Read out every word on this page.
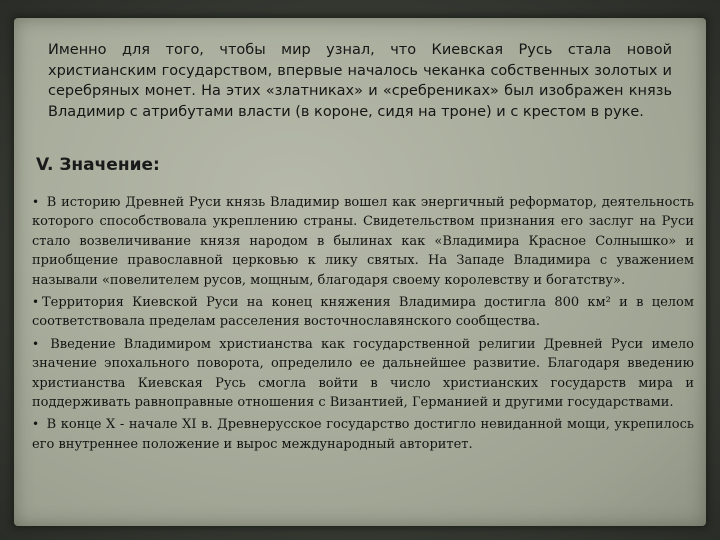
Именно для того, чтобы мир узнал, что Киевская Русь стала новой христианским государством, впервые началось чеканка собственных золотых и серебряных монет. На этих «златниках» и «сребрениках» был изображен князь Владимир с атрибутами власти (в короне, сидя на троне) и с крестом в руке.

V. Значение:
• В историю Древней Руси князь Владимир вошел как энергичный реформатор, деятельность которого способствовала укреплению страны. Свидетельством признания его заслуг на Руси стало возвеличивание князя народом в былинах как «Владимира Красное Солнышко» и приобщение православной церковью к лику святых. На Западе Владимира с уважением называли «повелителем русов, мощным, благодаря своему королевству и богатству».
• Территория Киевской Руси на конец княжения Владимира достигла 800 км² и в целом соответствовала пределам расселения восточнославянского сообщества.
• Введение Владимиром христианства как государственной религии Древней Руси имело значение эпохального поворота, определило ее дальнейшее развитие. Благодаря введению христианства Киевская Русь смогла войти в число христианских государств мира и поддерживать равноправные отношения с Византией, Германией и другими государствами.
• В конце X - начале XI в. Древнерусское государство достигло невиданной мощи, укрепилось его внутреннее положение и вырос международный авторитет.
